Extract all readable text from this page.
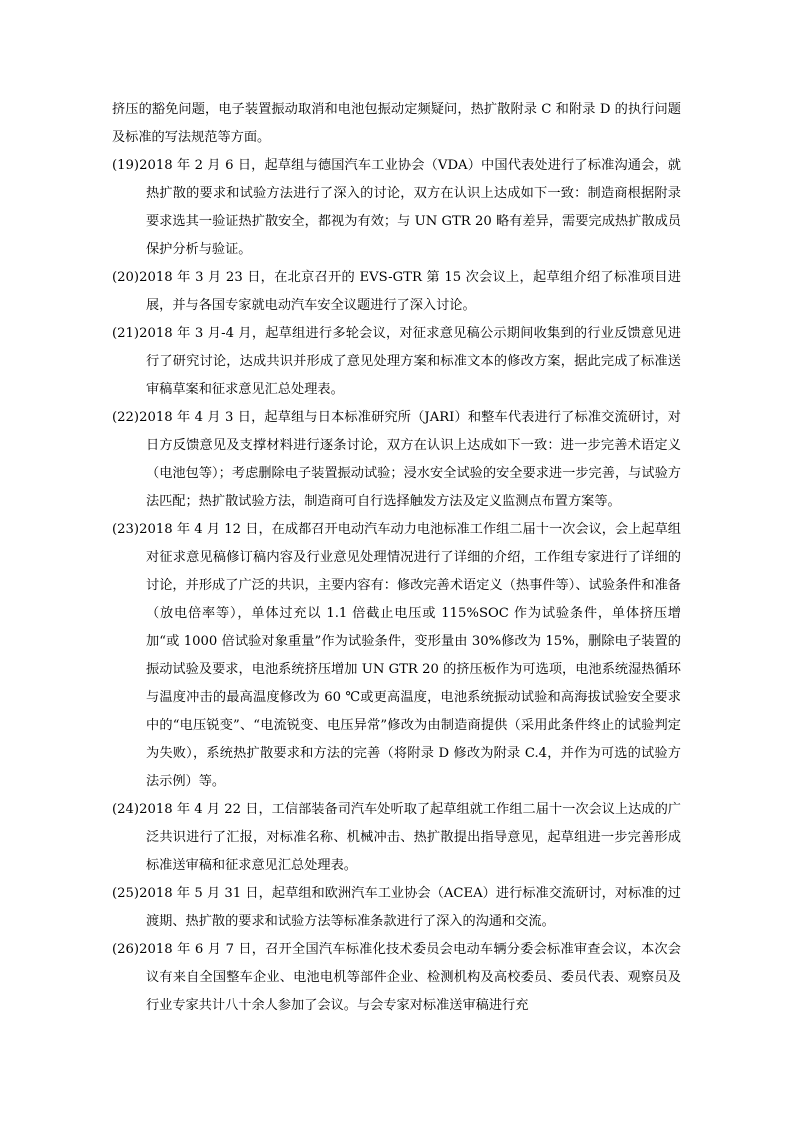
挤压的豁免问题，电子装置振动取消和电池包振动定频疑问，热扩散附录 C 和附录 D 的执行问题及标准的写法规范等方面。

(19)2018 年 2 月 6 日，起草组与德国汽车工业协会（VDA）中国代表处进行了标准沟通会，就热扩散的要求和试验方法进行了深入的讨论，双方在认识上达成如下一致：制造商根据附录要求选其一验证热扩散安全，都视为有效；与 UN GTR 20 略有差异，需要完成热扩散成员保护分析与验证。

(20)2018 年 3 月 23 日，在北京召开的 EVS-GTR 第 15 次会议上，起草组介绍了标准项目进展，并与各国专家就电动汽车安全议题进行了深入讨论。

(21)2018 年 3 月-4 月，起草组进行多轮会议，对征求意见稿公示期间收集到的行业反馈意见进行了研究讨论，达成共识并形成了意见处理方案和标准文本的修改方案，据此完成了标准送审稿草案和征求意见汇总处理表。

(22)2018 年 4 月 3 日，起草组与日本标准研究所（JARI）和整车代表进行了标准交流研讨，对日方反馈意见及支撑材料进行逐条讨论，双方在认识上达成如下一致：进一步完善术语定义（电池包等）；考虑删除电子装置振动试验；浸水安全试验的安全要求进一步完善，与试验方法匹配；热扩散试验方法，制造商可自行选择触发方法及定义监测点布置方案等。

(23)2018 年 4 月 12 日，在成都召开电动汽车动力电池标准工作组二届十一次会议，会上起草组对征求意见稿修订稿内容及行业意见处理情况进行了详细的介绍，工作组专家进行了详细的讨论，并形成了广泛的共识，主要内容有：修改完善术语定义（热事件等）、试验条件和准备（放电倍率等），单体过充以 1.1 倍截止电压或 115%SOC 作为试验条件，单体挤压增加“或 1000 倍试验对象重量”作为试验条件，变形量由 30%修改为 15%，删除电子装置的振动试验及要求，电池系统挤压增加 UN GTR 20 的挤压板作为可选项，电池系统湿热循环与温度冲击的最高温度修改为 60 ℃或更高温度，电池系统振动试验和高海拔试验安全要求中的“电压锐变”、“电流锐变、电压异常”修改为由制造商提供（采用此条件终止的试验判定为失败），系统热扩散要求和方法的完善（将附录 D 修改为附录 C.4，并作为可选的试验方法示例）等。

(24)2018 年 4 月 22 日，工信部装备司汽车处听取了起草组就工作组二届十一次会议上达成的广泛共识进行了汇报，对标准名称、机械冲击、热扩散提出指导意见，起草组进一步完善形成标准送审稿和征求意见汇总处理表。

(25)2018 年 5 月 31 日，起草组和欧洲汽车工业协会（ACEA）进行标准交流研讨，对标准的过渡期、热扩散的要求和试验方法等标准条款进行了深入的沟通和交流。

(26)2018 年 6 月 7 日，召开全国汽车标准化技术委员会电动车辆分委会标准审查会议，本次会议有来自全国整车企业、电池电机等部件企业、检测机构及高校委员、委员代表、观察员及行业专家共计八十余人参加了会议。与会专家对标准送审稿进行充
